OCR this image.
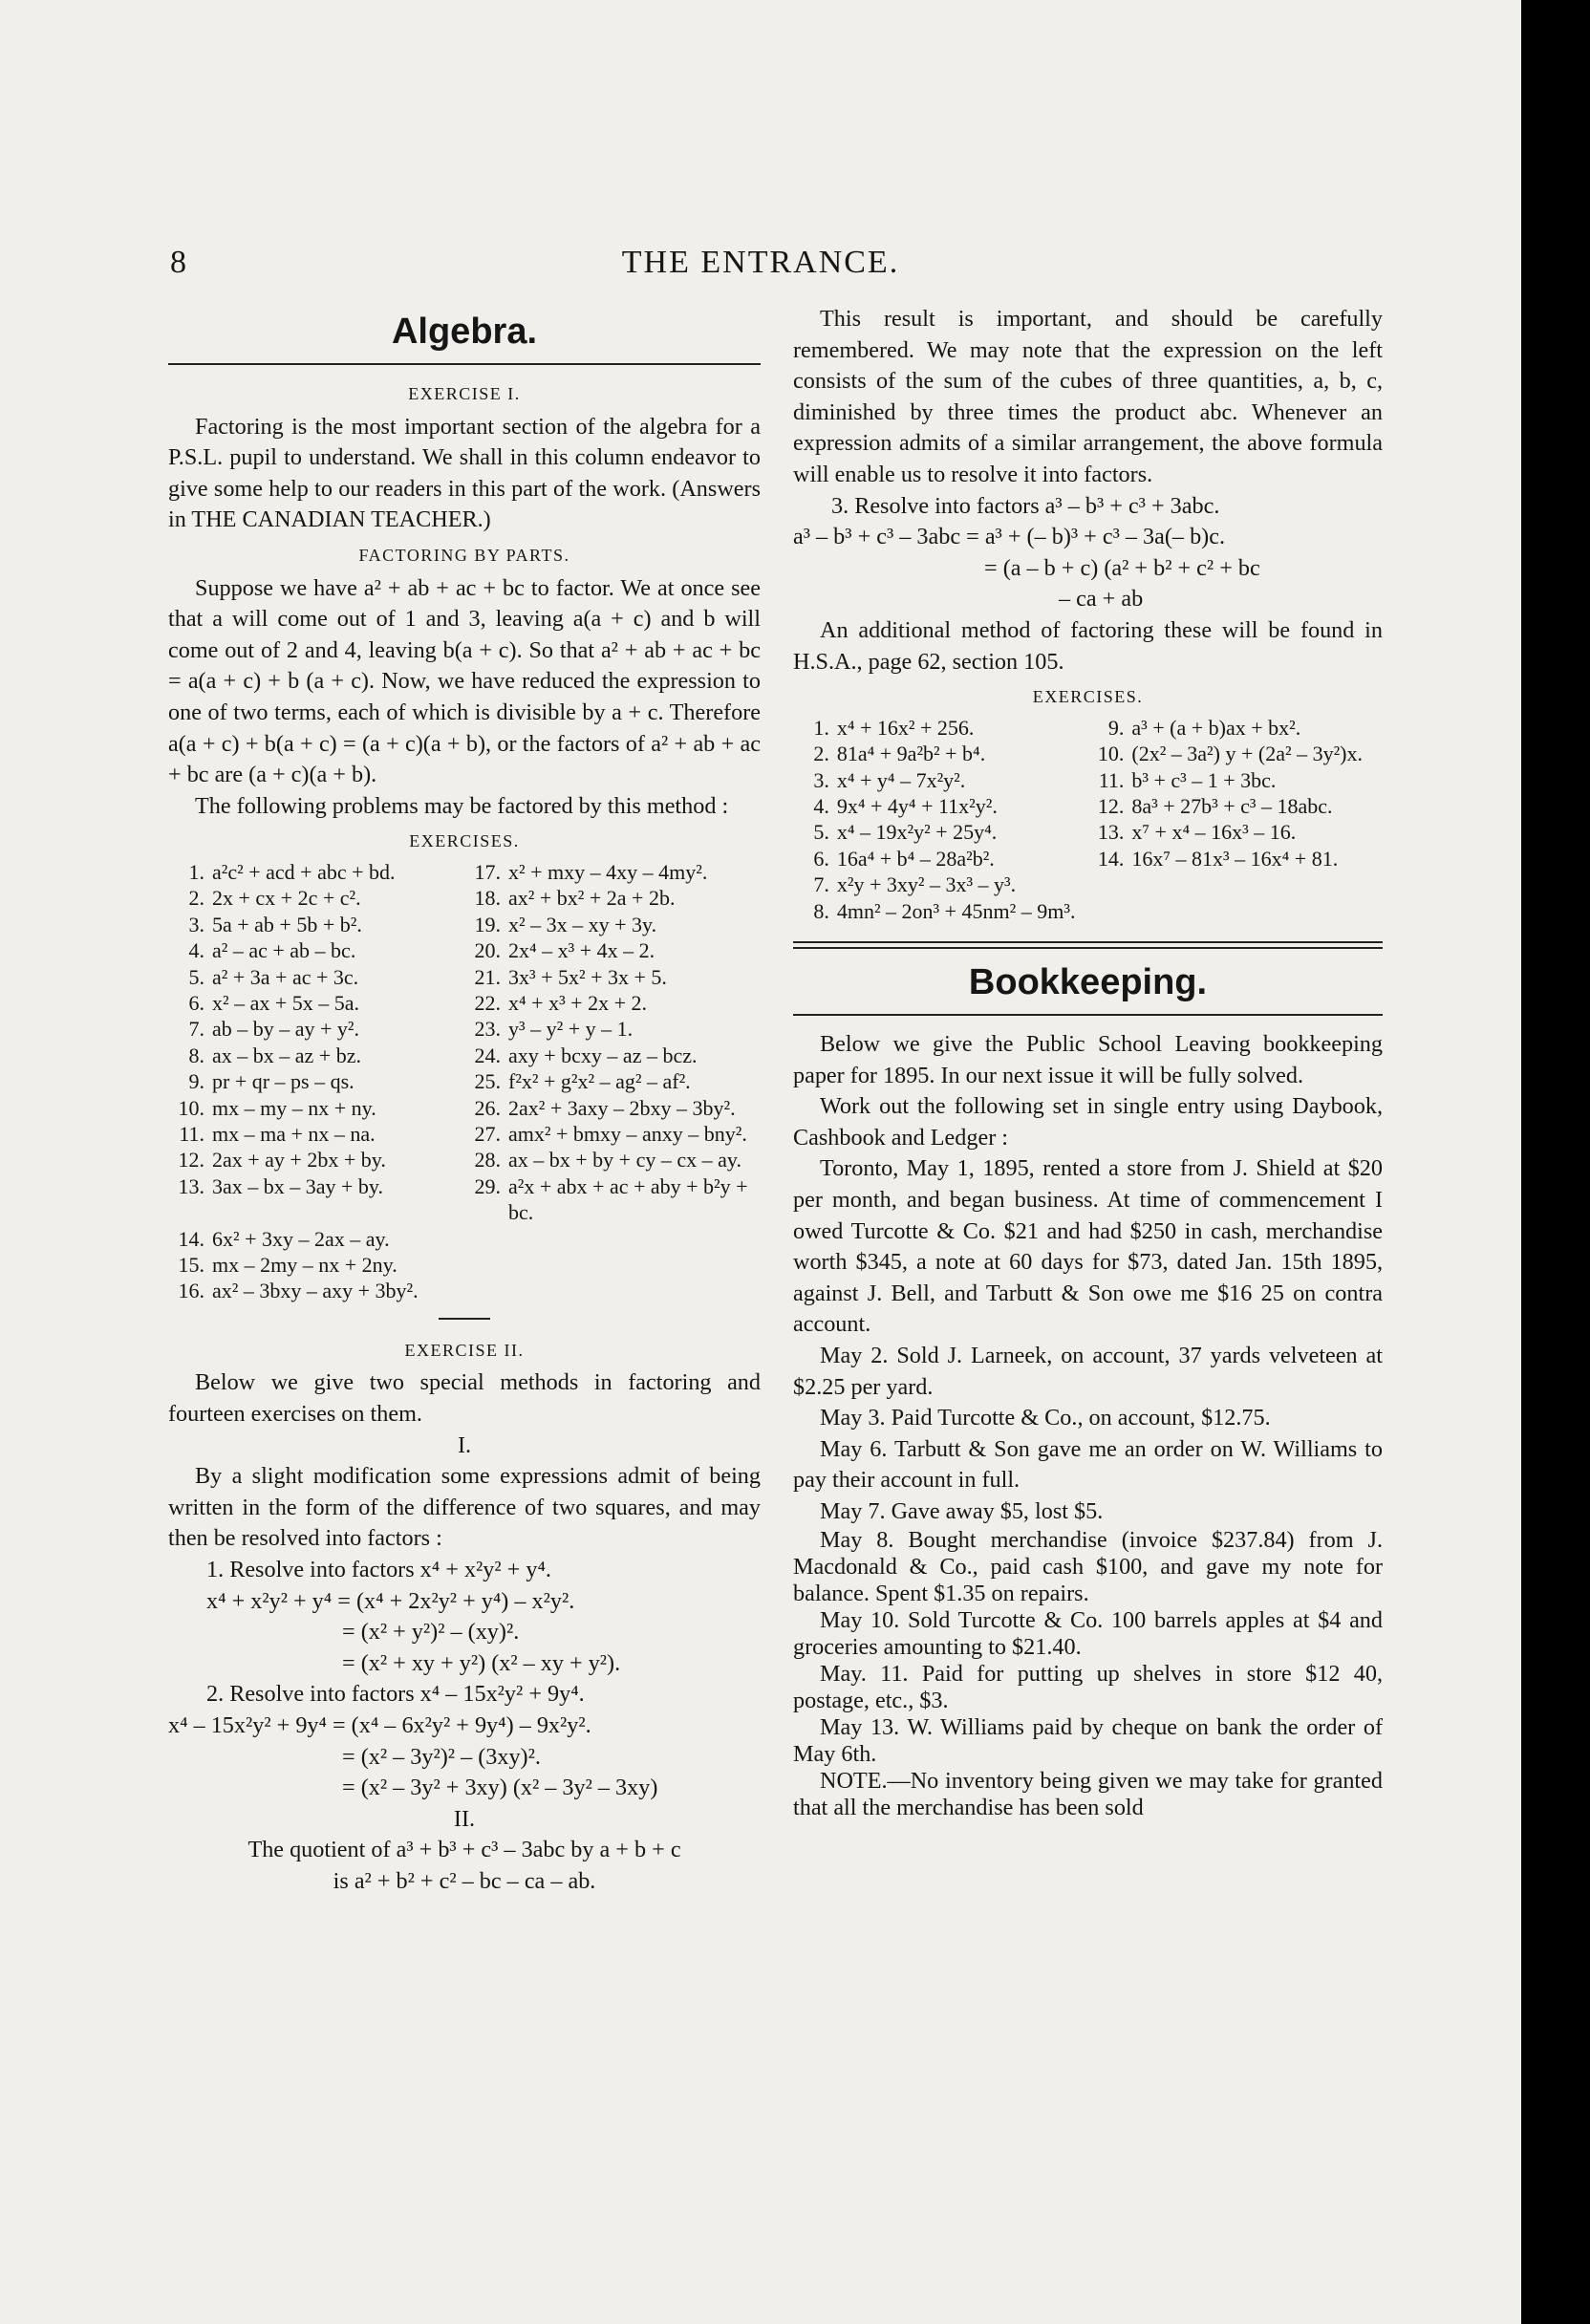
8	THE ENTRANCE.
Algebra.
EXERCISE I.

Factoring is the most important section of the algebra for a P.S.L. pupil to understand. We shall in this column endeavor to give some help to our readers in this part of the work. (Answers in THE CANADIAN TEACHER.)

FACTORING BY PARTS.

Suppose we have a² + ab + ac + bc to factor. We at once see that a will come out of 1 and 3, leaving a(a + c) and b will come out of 2 and 4, leaving b(a + c). So that a² + ab + ac + bc = a(a + c) + b (a + c). Now, we have reduced the expression to one of two terms, each of which is divisible by a + c. Therefore a(a + c) + b(a + c) = (a + c)(a + b), or the factors of a² + ab + ac + bc are (a + c)(a + b).

The following problems may be factored by this method :

EXERCISES.
1.	a²c² + acd + abc + bd.	17.	x² + mxy – 4xy – 4my².
2.	2x + cx + 2c + c².	18.	ax² + bx² + 2a + 2b.
3.	5a + ab + 5b + b².	19.	x² – 3x – xy + 3y.
4.	a² – ac + ab – bc.	20.	2x⁴ – x³ + 4x – 2.
5.	a² + 3a + ac + 3c.	21.	3x³ + 5x² + 3x + 5.
6.	x² – ax + 5x – 5a.	22.	x⁴ + x³ + 2x + 2.
7.	ab – by – ay + y².	23.	y³ – y² + y – 1.
8.	ax – bx – az + bz.	24.	axy + bcxy – az – bcz.
9.	pr + qr – ps – qs.	25.	f²x² + g²x² – ag² – af².
10.	mx – my – nx + ny.	26.	2ax² + 3axy – 2bxy – 3by².
11.	mx – ma + nx – na.	27.	amx² + bmxy – anxy – bny².
12.	2ax + ay + 2bx + by.	28.	ax – bx + by + cy – cx – ay.
13.	3ax – bx – 3ay + by.	29.	a²x + abx + ac + aby + b²y + bc.
14.	6x² + 3xy – 2ax – ay.		
15.	mx – 2my – nx + 2ny.		
16.	ax² – 3bxy – axy + 3by².		
EXERCISE II.

Below we give two special methods in factoring and fourteen exercises on them.

I.

By a slight modification some expressions admit of being written in the form of the difference of two squares, and may then be resolved into factors :

1. Resolve into factors x⁴ + x²y² + y⁴.
x⁴ + x²y² + y⁴ = (x⁴ + 2x²y² + y⁴) – x²y².
= (x² + y²)² – (xy)².
= (x² + xy + y²) (x² – xy + y²).
2. Resolve into factors x⁴ – 15x²y² + 9y⁴.
x⁴ – 15x²y² + 9y⁴ = (x⁴ – 6x²y² + 9y⁴) – 9x²y².
= (x² – 3y²)² – (3xy)².
= (x² – 3y² + 3xy) (x² – 3y² – 3xy)
II.
The quotient of a³ + b³ + c³ – 3abc by a + b + c
is a² + b² + c² – bc – ca – ab.

This result is important, and should be carefully remembered. We may note that the expression on the left consists of the sum of the cubes of three quantities, a, b, c, diminished by three times the product abc. Whenever an expression admits of a similar arrangement, the above formula will enable us to resolve it into factors.

3. Resolve into factors a³ – b³ + c³ + 3abc.
a³ – b³ + c³ – 3abc = a³ + (– b)³ + c³ – 3a(– b)c.
= (a – b + c) (a² + b² + c² + bc
– ca + ab

An additional method of factoring these will be found in H.S.A., page 62, section 105.

EXERCISES.
1.	x⁴ + 16x² + 256.	9.	a³ + (a + b)ax + bx².
2.	81a⁴ + 9a²b² + b⁴.	10.	(2x² – 3a²) y + (2a² – 3y²)x.
3.	x⁴ + y⁴ – 7x²y².	11.	b³ + c³ – 1 + 3bc.
4.	9x⁴ + 4y⁴ + 11x²y².	12.	8a³ + 27b³ + c³ – 18abc.
5.	x⁴ – 19x²y² + 25y⁴.	13.	x⁷ + x⁴ – 16x³ – 16.
6.	16a⁴ + b⁴ – 28a²b².	14.	16x⁷ – 81x³ – 16x⁴ + 81.
7.	x²y + 3xy² – 3x³ – y³.		
8.	4mn² – 2on³ + 45nm² – 9m³.		
Bookkeeping.

Below we give the Public School Leaving bookkeeping paper for 1895. In our next issue it will be fully solved.

Work out the following set in single entry using Daybook, Cashbook and Ledger :

Toronto, May 1, 1895, rented a store from J. Shield at $20 per month, and began business. At time of commencement I owed Turcotte & Co. $21 and had $250 in cash, merchandise worth $345, a note at 60 days for $73, dated Jan. 15th 1895, against J. Bell, and Tarbutt & Son owe me $16 25 on contra account.

May 2. Sold J. Larneek, on account, 37 yards velveteen at $2.25 per yard.

May 3. Paid Turcotte & Co., on account, $12.75.

May 6. Tarbutt & Son gave me an order on W. Williams to pay their account in full.

May 7. Gave away $5, lost $5.

May 8. Bought merchandise (invoice $237.84) from J. Macdonald & Co., paid cash $100, and gave my note for balance. Spent $1.35 on repairs.

May 10. Sold Turcotte & Co. 100 barrels apples at $4 and groceries amounting to $21.40.

May. 11. Paid for putting up shelves in store $12 40, postage, etc., $3.

May 13. W. Williams paid by cheque on bank the order of May 6th.

NOTE.—No inventory being given we may take for granted that all the merchandise has been sold
